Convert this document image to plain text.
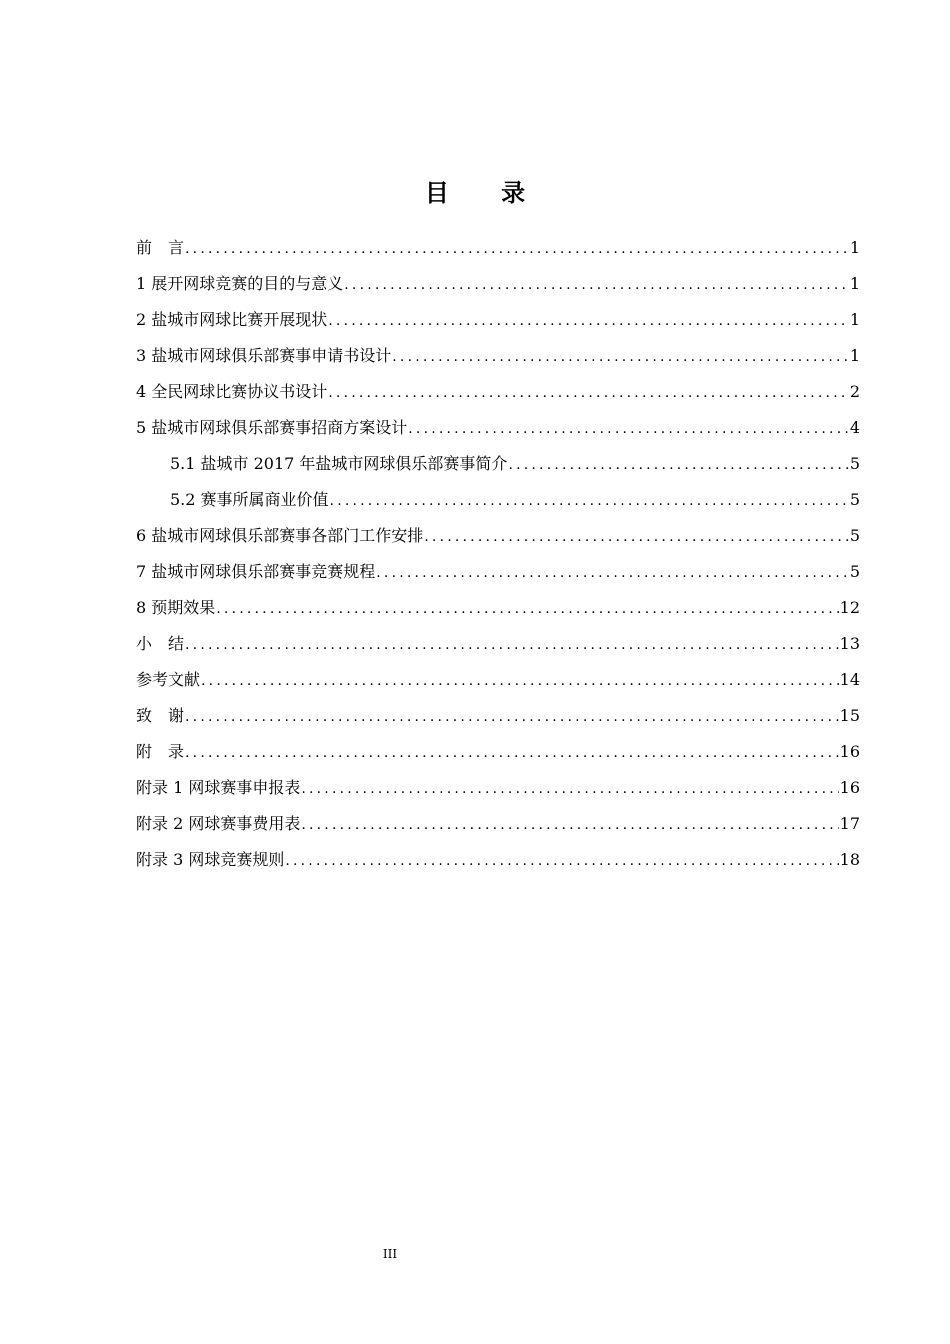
目 录
前　言 .....	1
1 展开网球竞赛的目的与意义 .....	1
2 盐城市网球比赛开展现状 .....	1
3 盐城市网球俱乐部赛事申请书设计 .....	1
4 全民网球比赛协议书设计 .....	2
5 盐城市网球俱乐部赛事招商方案设计 .....	4
5.1 盐城市 2017 年盐城市网球俱乐部赛事简介 .....	5
5.2 赛事所属商业价值 .....	5
6 盐城市网球俱乐部赛事各部门工作安排 .....	5
7 盐城市网球俱乐部赛事竞赛规程 .....	5
8 预期效果 .....	12
小　结 .....	13
参考文献 .....	14
致　谢 .....	15
附　录 .....	16
附录 1 网球赛事申报表 .....	16
附录 2 网球赛事费用表 .....	17
附录 3 网球竞赛规则 .....	18
III
